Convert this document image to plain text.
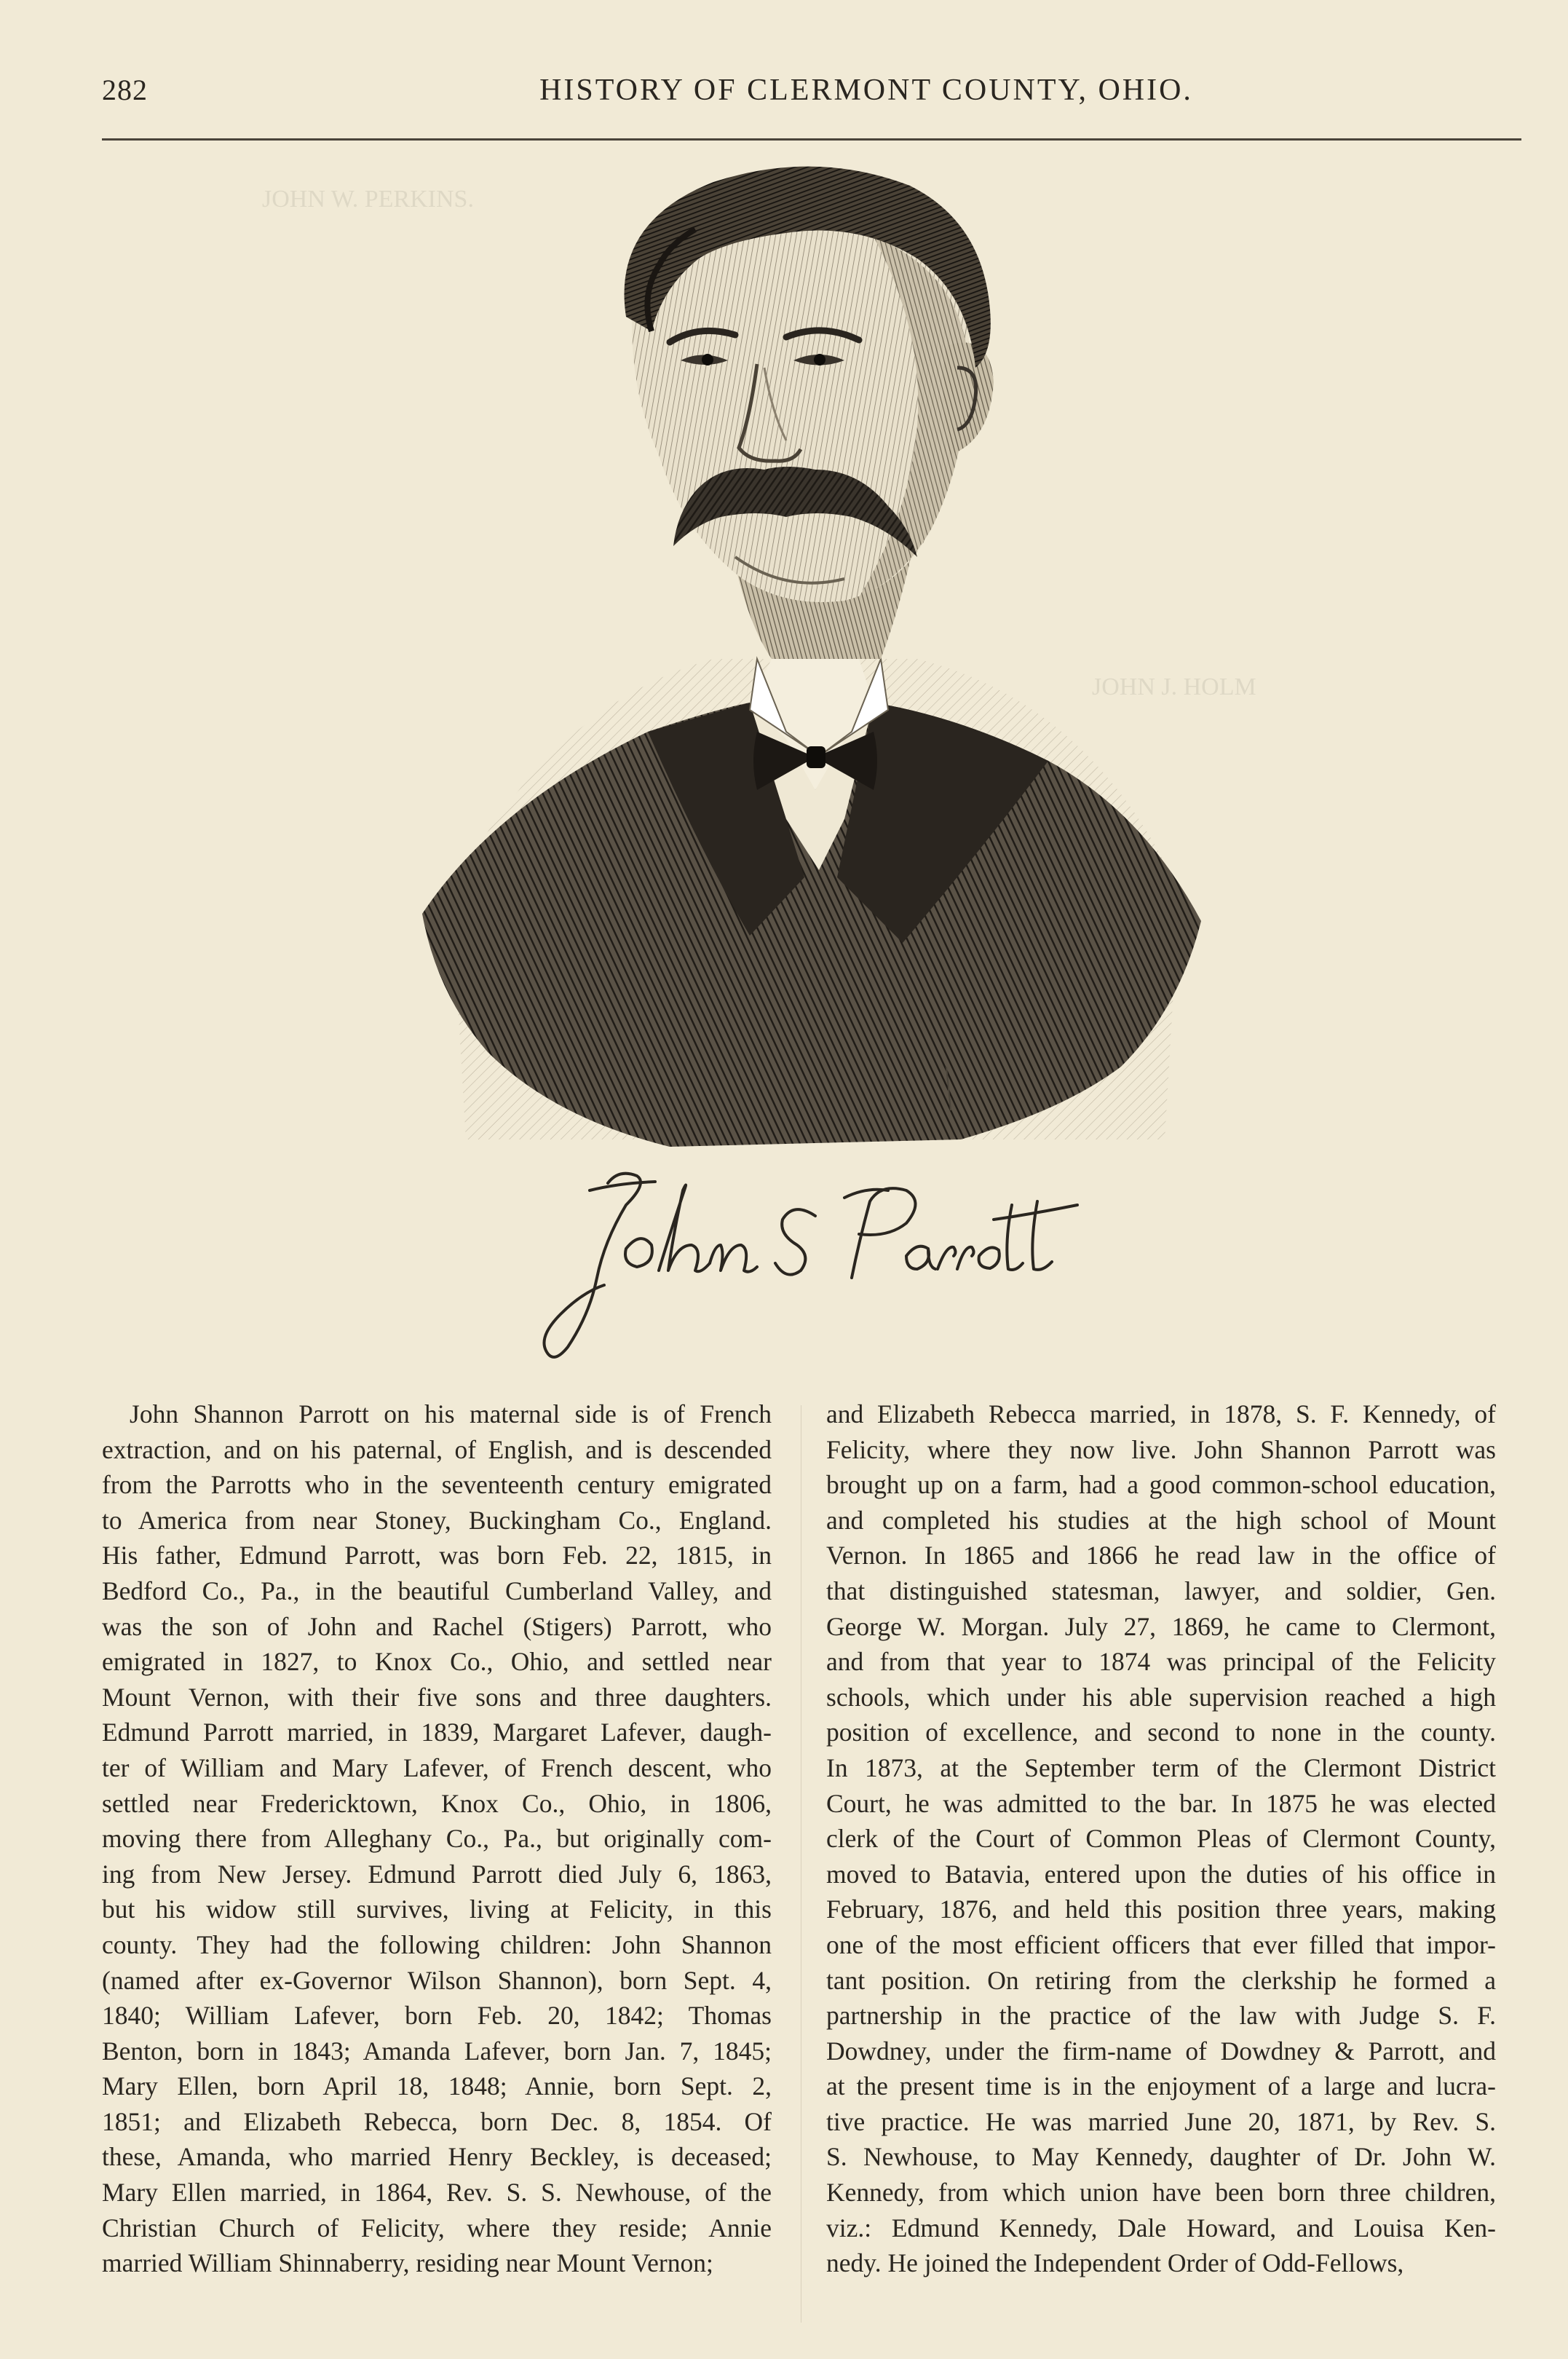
282	HISTORY OF CLERMONT COUNTY, OHIO.
JOHN W. PERKINS.
JOHN J. HOLM
John Shannon Parrott on his maternal side is of French
extraction, and on his paternal, of English, and is descended
from the Parrotts who in the seventeenth century emigrated
to America from near Stoney, Buckingham Co., England.
His father, Edmund Parrott, was born Feb. 22, 1815, in
Bedford Co., Pa., in the beautiful Cumberland Valley, and
was the son of John and Rachel (Stigers) Parrott, who
emigrated in 1827, to Knox Co., Ohio, and settled near
Mount Vernon, with their five sons and three daughters.
Edmund Parrott married, in 1839, Margaret Lafever, daugh-
ter of William and Mary Lafever, of French descent, who
settled near Fredericktown, Knox Co., Ohio, in 1806,
moving there from Alleghany Co., Pa., but originally com-
ing from New Jersey. Edmund Parrott died July 6, 1863,
but his widow still survives, living at Felicity, in this
county. They had the following children: John Shannon
(named after ex-Governor Wilson Shannon), born Sept. 4,
1840; William Lafever, born Feb. 20, 1842; Thomas
Benton, born in 1843; Amanda Lafever, born Jan. 7, 1845;
Mary Ellen, born April 18, 1848; Annie, born Sept. 2,
1851; and Elizabeth Rebecca, born Dec. 8, 1854. Of
these, Amanda, who married Henry Beckley, is deceased;
Mary Ellen married, in 1864, Rev. S. S. Newhouse, of the
Christian Church of Felicity, where they reside; Annie
married William Shinnaberry, residing near Mount Vernon;
and Elizabeth Rebecca married, in 1878, S. F. Kennedy, of
Felicity, where they now live. John Shannon Parrott was
brought up on a farm, had a good common-school education,
and completed his studies at the high school of Mount
Vernon. In 1865 and 1866 he read law in the office of
that distinguished statesman, lawyer, and soldier, Gen.
George W. Morgan. July 27, 1869, he came to Clermont,
and from that year to 1874 was principal of the Felicity
schools, which under his able supervision reached a high
position of excellence, and second to none in the county.
In 1873, at the September term of the Clermont District
Court, he was admitted to the bar. In 1875 he was elected
clerk of the Court of Common Pleas of Clermont County,
moved to Batavia, entered upon the duties of his office in
February, 1876, and held this position three years, making
one of the most efficient officers that ever filled that impor-
tant position. On retiring from the clerkship he formed a
partnership in the practice of the law with Judge S. F.
Dowdney, under the firm-name of Dowdney & Parrott, and
at the present time is in the enjoyment of a large and lucra-
tive practice. He was married June 20, 1871, by Rev. S.
S. Newhouse, to May Kennedy, daughter of Dr. John W.
Kennedy, from which union have been born three children,
viz.: Edmund Kennedy, Dale Howard, and Louisa Ken-
nedy. He joined the Independent Order of Odd-Fellows,
